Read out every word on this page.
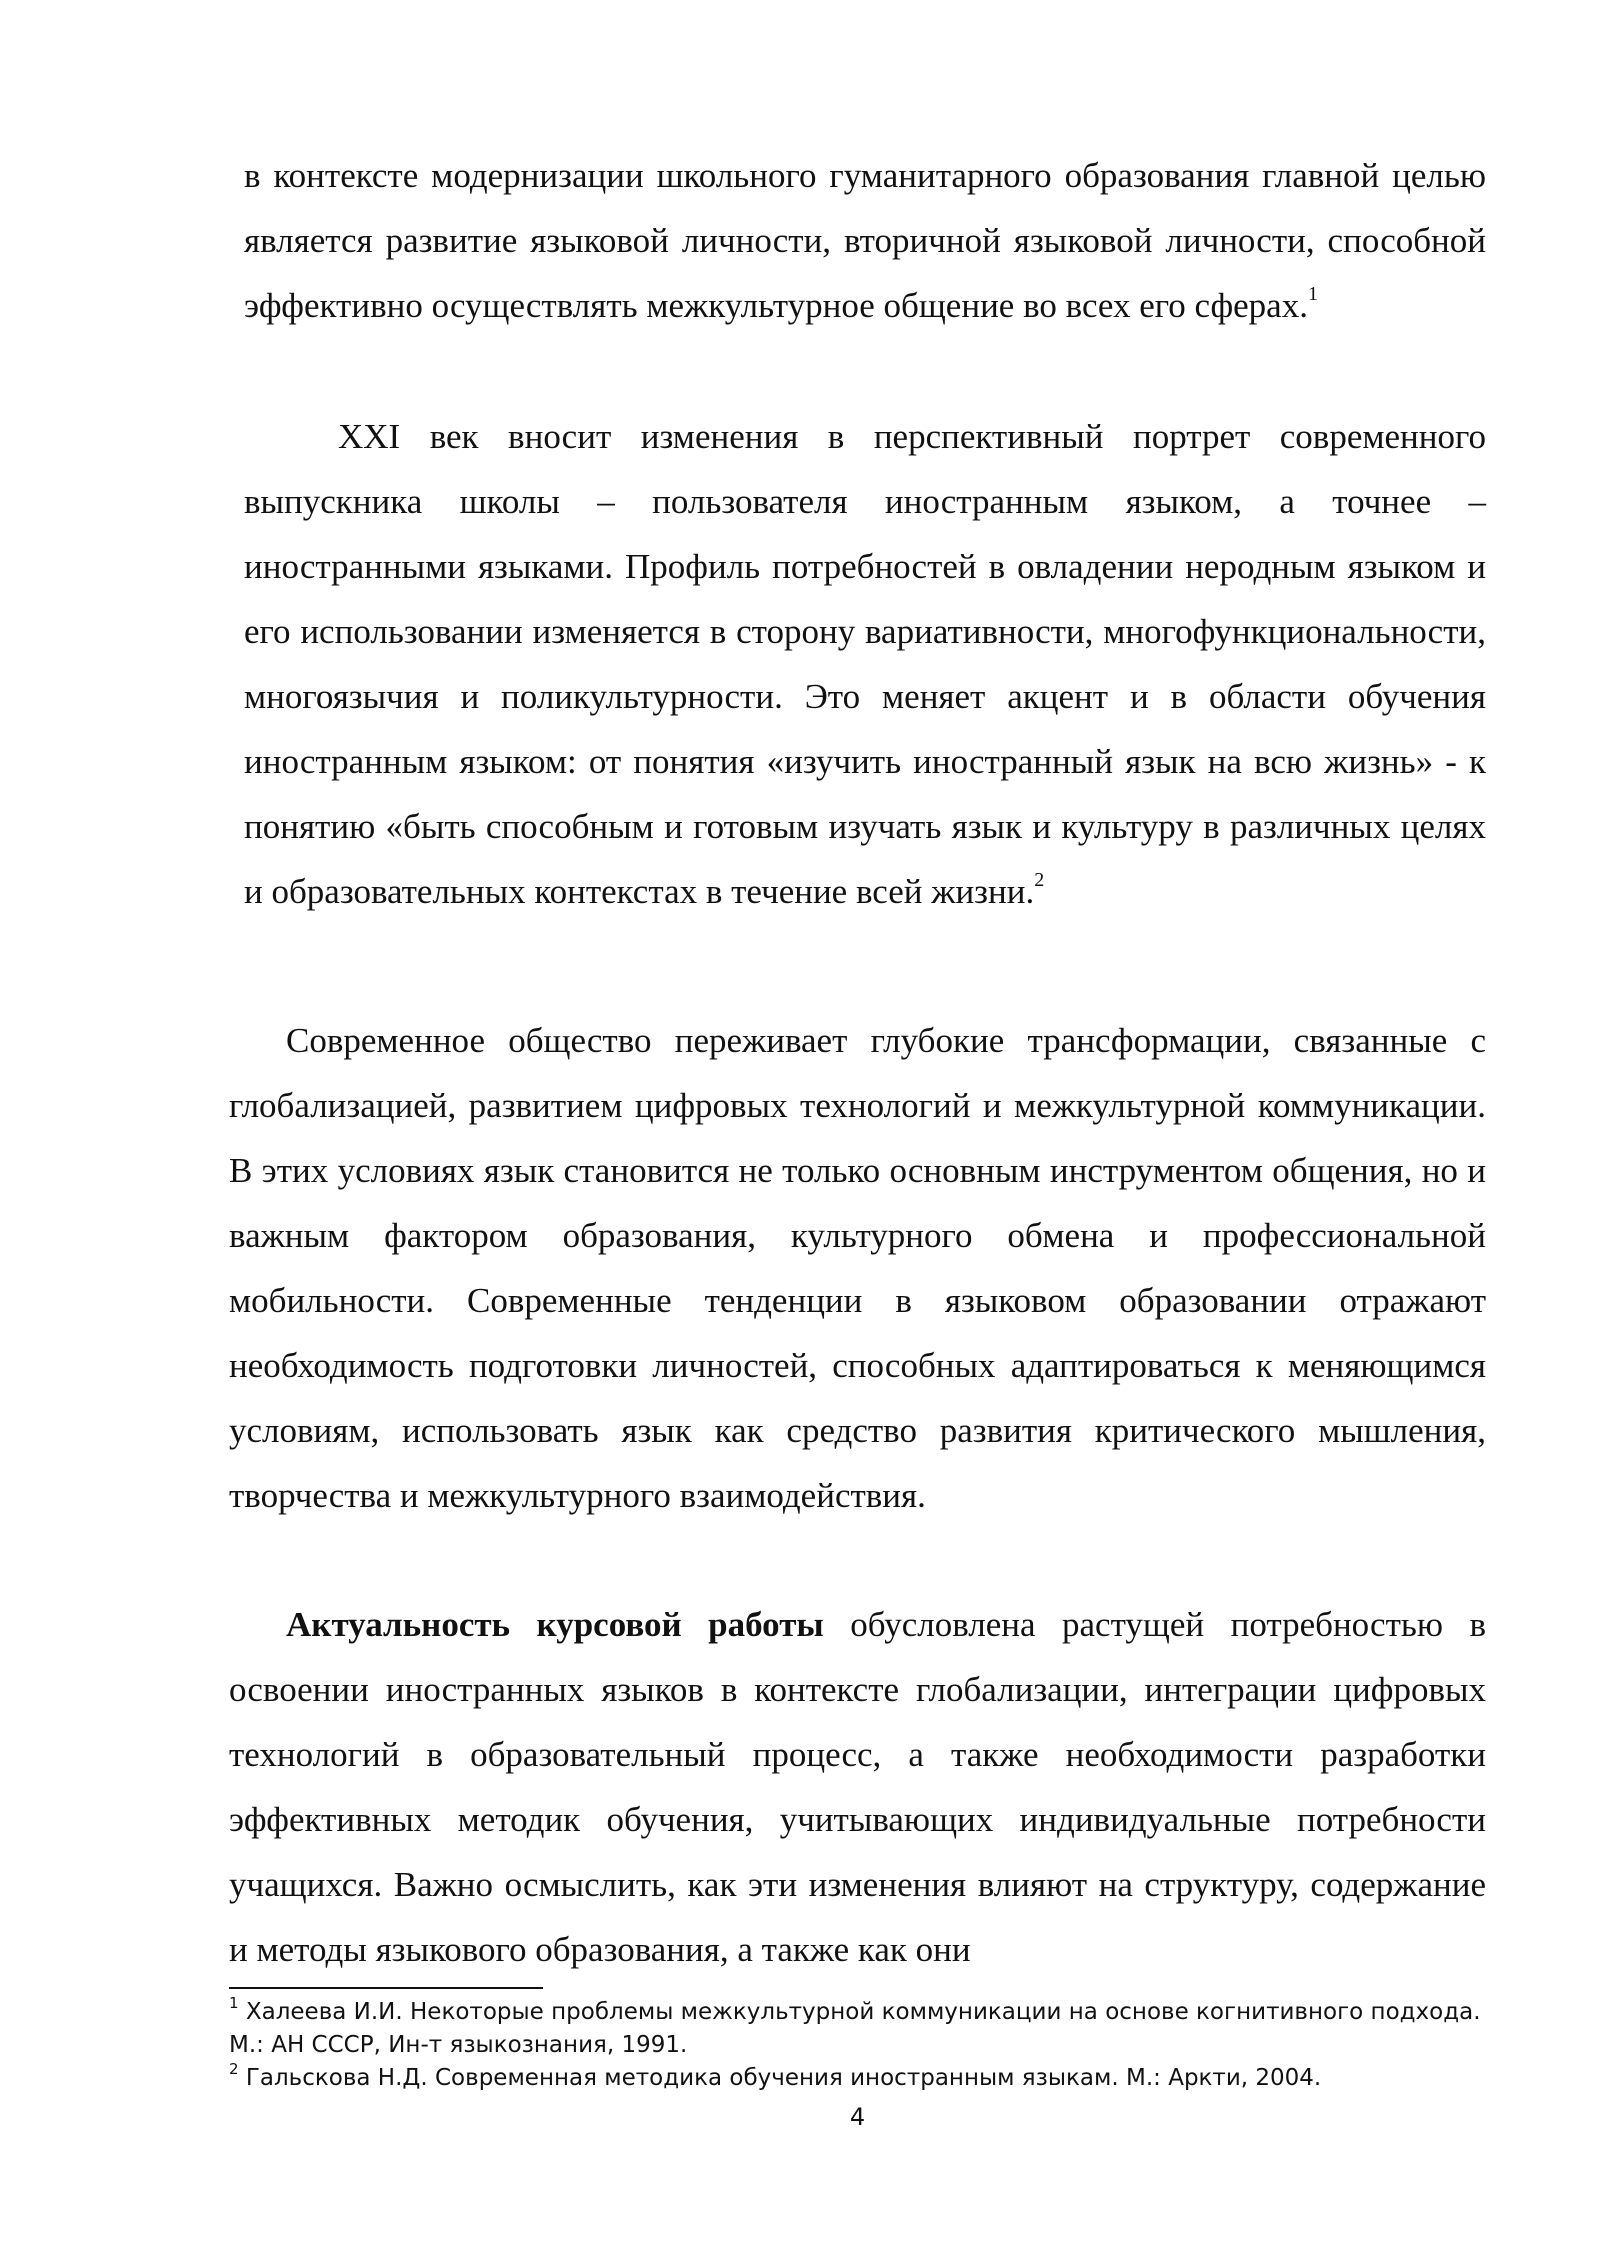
в контексте модернизации школьного гуманитарного образования главной целью является развитие языковой личности, вторичной языковой личности, способной эффективно осуществлять межкультурное общение во всех его сферах.$^1$

XXI век вносит изменения в перспективный портрет современного выпускника школы – пользователя иностранным языком, а точнее – иностранными языками. Профиль потребностей в овладении неродным языком и его использовании изменяется в сторону вариативности, многофункциональности, многоязычия и поликультурности. Это меняет акцент и в области обучения иностранным языком: от понятия «изучить иностранный язык на всю жизнь» - к понятию «быть способным и готовым изучать язык и культуру в различных целях и образовательных контекстах в течение всей жизни.$^2$

Современное общество переживает глубокие трансформации, связанные с глобализацией, развитием цифровых технологий и межкультурной коммуникации. В этих условиях язык становится не только основным инструментом общения, но и важным фактором образования, культурного обмена и профессиональной мобильности. Современные тенденции в языковом образовании отражают необходимость подготовки личностей, способных адаптироваться к меняющимся условиям, использовать язык как средство развития критического мышления, творчества и межкультурного взаимодействия.

Актуальность курсовой работы обусловлена растущей потребностью в освоении иностранных языков в контексте глобализации, интеграции цифровых технологий в образовательный процесс, а также необходимости разработки эффективных методик обучения, учитывающих индивидуальные потребности учащихся. Важно осмыслить, как эти изменения влияют на структуру, содержание и методы языкового образования, а также как они

$^1$ Халеева И.И. Некоторые проблемы межкультурной коммуникации на основе когнитивного подхода. М.: АН СССР, Ин-т языкознания, 1991.

$^2$ Гальскова Н.Д. Современная методика обучения иностранным языкам. М.: Аркти, 2004.

4
